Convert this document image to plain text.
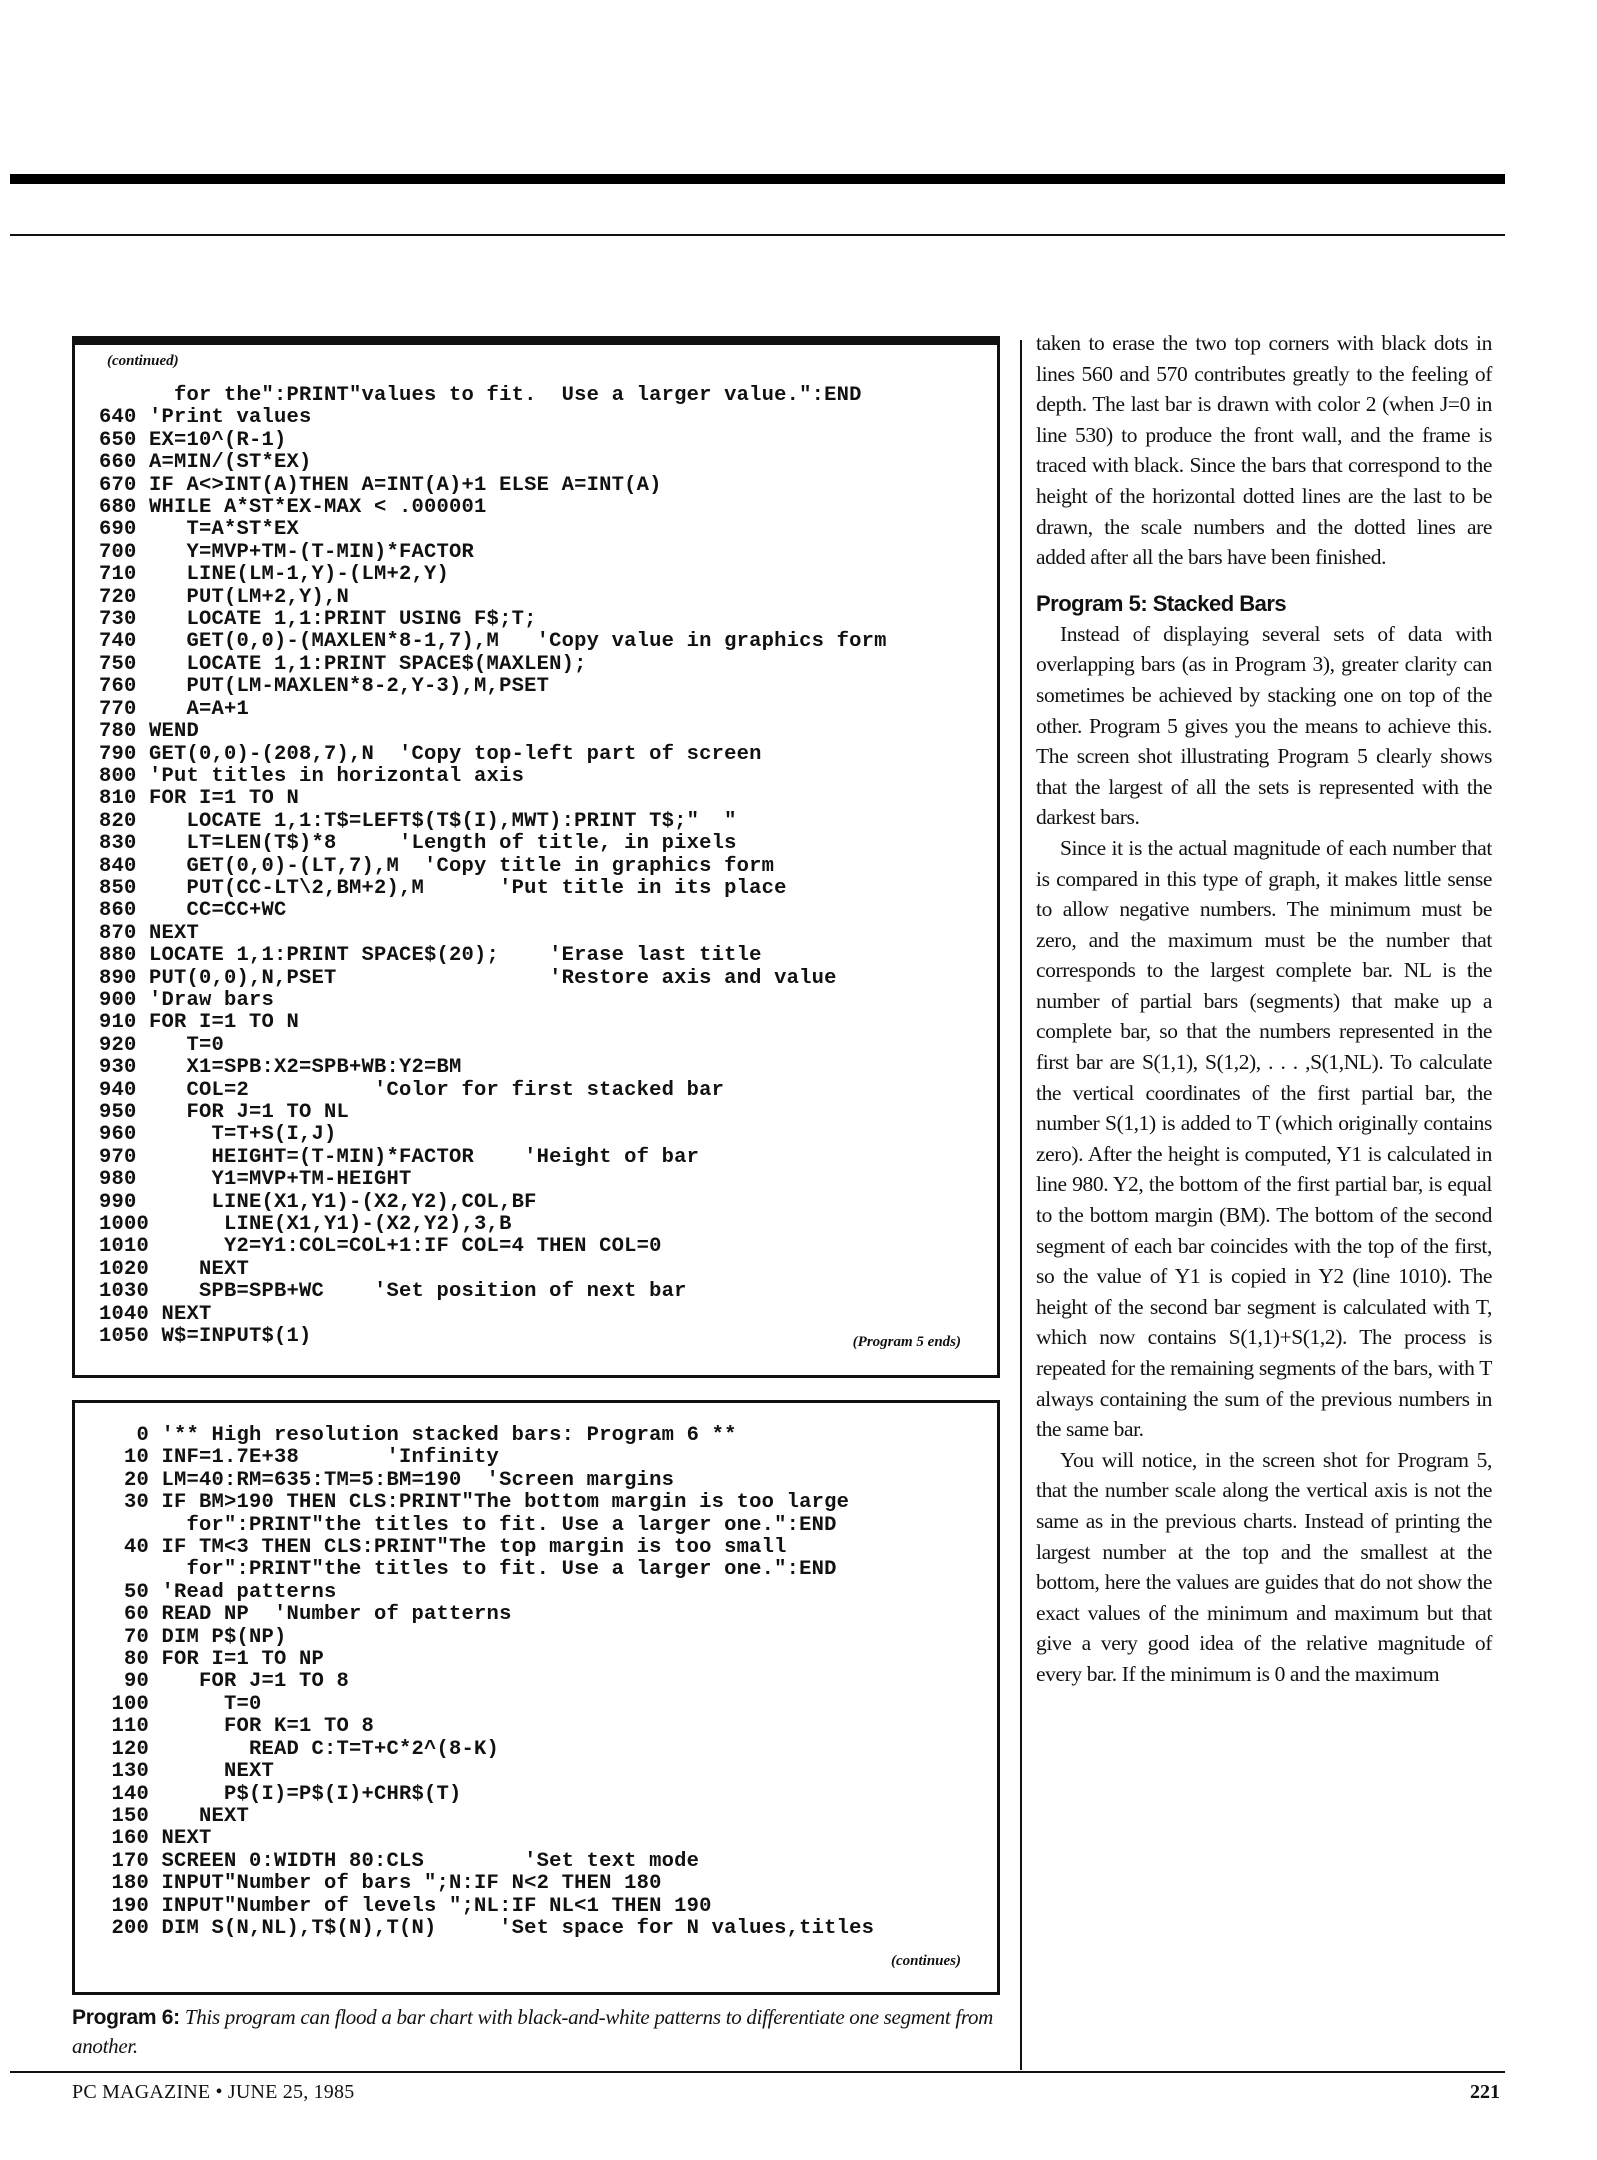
(continued)
for the":PRINT"values to fit.  Use a larger value.":END
640 'Print values
650 EX=10^(R-1)
660 A=MIN/(ST*EX)
670 IF A<>INT(A)THEN A=INT(A)+1 ELSE A=INT(A)
680 WHILE A*ST*EX-MAX < .000001
690    T=A*ST*EX
700    Y=MVP+TM-(T-MIN)*FACTOR
710    LINE(LM-1,Y)-(LM+2,Y)
720    PUT(LM+2,Y),N
730    LOCATE 1,1:PRINT USING F$;T;
740    GET(0,0)-(MAXLEN*8-1,7),M   'Copy value in graphics form
750    LOCATE 1,1:PRINT SPACE$(MAXLEN);
760    PUT(LM-MAXLEN*8-2,Y-3),M,PSET
770    A=A+1
780 WEND
790 GET(0,0)-(208,7),N  'Copy top-left part of screen
800 'Put titles in horizontal axis
810 FOR I=1 TO N
820    LOCATE 1,1:T$=LEFT$(T$(I),MWT):PRINT T$;"  "
830    LT=LEN(T$)*8     'Length of title, in pixels
840    GET(0,0)-(LT,7),M  'Copy title in graphics form
850    PUT(CC-LT\2,BM+2),M      'Put title in its place
860    CC=CC+WC
870 NEXT
880 LOCATE 1,1:PRINT SPACE$(20);    'Erase last title
890 PUT(0,0),N,PSET                 'Restore axis and value
900 'Draw bars
910 FOR I=1 TO N
920    T=0
930    X1=SPB:X2=SPB+WB:Y2=BM
940    COL=2          'Color for first stacked bar
950    FOR J=1 TO NL
960      T=T+S(I,J)
970      HEIGHT=(T-MIN)*FACTOR    'Height of bar
980      Y1=MVP+TM-HEIGHT
990      LINE(X1,Y1)-(X2,Y2),COL,BF
1000      LINE(X1,Y1)-(X2,Y2),3,B
1010      Y2=Y1:COL=COL+1:IF COL=4 THEN COL=0
1020    NEXT
1030    SPB=SPB+WC    'Set position of next bar
1040 NEXT
1050 W$=INPUT$(1)	(Program 5 ends)
0 '** High resolution stacked bars: Program 6 **
10 INF=1.7E+38       'Infinity
20 LM=40:RM=635:TM=5:BM=190  'Screen margins
30 IF BM>190 THEN CLS:PRINT"The bottom margin is too large
for":PRINT"the titles to fit. Use a larger one.":END
40 IF TM<3 THEN CLS:PRINT"The top margin is too small
for":PRINT"the titles to fit. Use a larger one.":END
50 'Read patterns
60 READ NP  'Number of patterns
70 DIM P$(NP)
80 FOR I=1 TO NP
90    FOR J=1 TO 8
100      T=0
110      FOR K=1 TO 8
120        READ C:T=T+C*2^(8-K)
130      NEXT
140      P$(I)=P$(I)+CHR$(T)
150    NEXT
160 NEXT
170 SCREEN 0:WIDTH 80:CLS        'Set text mode
180 INPUT"Number of bars ";N:IF N<2 THEN 180
190 INPUT"Number of levels ";NL:IF NL<1 THEN 190
200 DIM S(N,NL),T$(N),T(N)     'Set space for N values,titles
(continues)
Program 6: This program can flood a bar chart with black-and-white patterns to differentiate one segment from another.

taken to erase the two top corners with black dots in lines 560 and 570 contributes greatly to the feeling of depth. The last bar is drawn with color 2 (when J=0 in line 530) to produce the front wall, and the frame is traced with black. Since the bars that correspond to the height of the horizontal dotted lines are the last to be drawn, the scale numbers and the dotted lines are added after all the bars have been finished.

Program 5: Stacked Bars

Instead of displaying several sets of data with overlapping bars (as in Program 3), greater clarity can sometimes be achieved by stacking one on top of the other. Program 5 gives you the means to achieve this. The screen shot illustrating Program 5 clearly shows that the largest of all the sets is represented with the darkest bars.

Since it is the actual magnitude of each number that is compared in this type of graph, it makes little sense to allow negative numbers. The minimum must be zero, and the maximum must be the number that corresponds to the largest complete bar. NL is the number of partial bars (segments) that make up a complete bar, so that the numbers represented in the first bar are S(1,1), S(1,2), . . . ,S(1,NL). To calculate the vertical coordinates of the first partial bar, the number S(1,1) is added to T (which originally contains zero). After the height is computed, Y1 is calculated in line 980. Y2, the bottom of the first partial bar, is equal to the bottom margin (BM). The bottom of the second segment of each bar coincides with the top of the first, so the value of Y1 is copied in Y2 (line 1010). The height of the second bar segment is calculated with T, which now contains S(1,1)+S(1,2). The process is repeated for the remaining segments of the bars, with T always containing the sum of the previous numbers in the same bar.

You will notice, in the screen shot for Program 5, that the number scale along the vertical axis is not the same as in the previous charts. Instead of printing the largest number at the top and the smallest at the bottom, here the values are guides that do not show the exact values of the minimum and maximum but that give a very good idea of the relative magnitude of every bar. If the minimum is 0 and the maximum

PC MAGAZINE • JUNE 25, 1985	221
